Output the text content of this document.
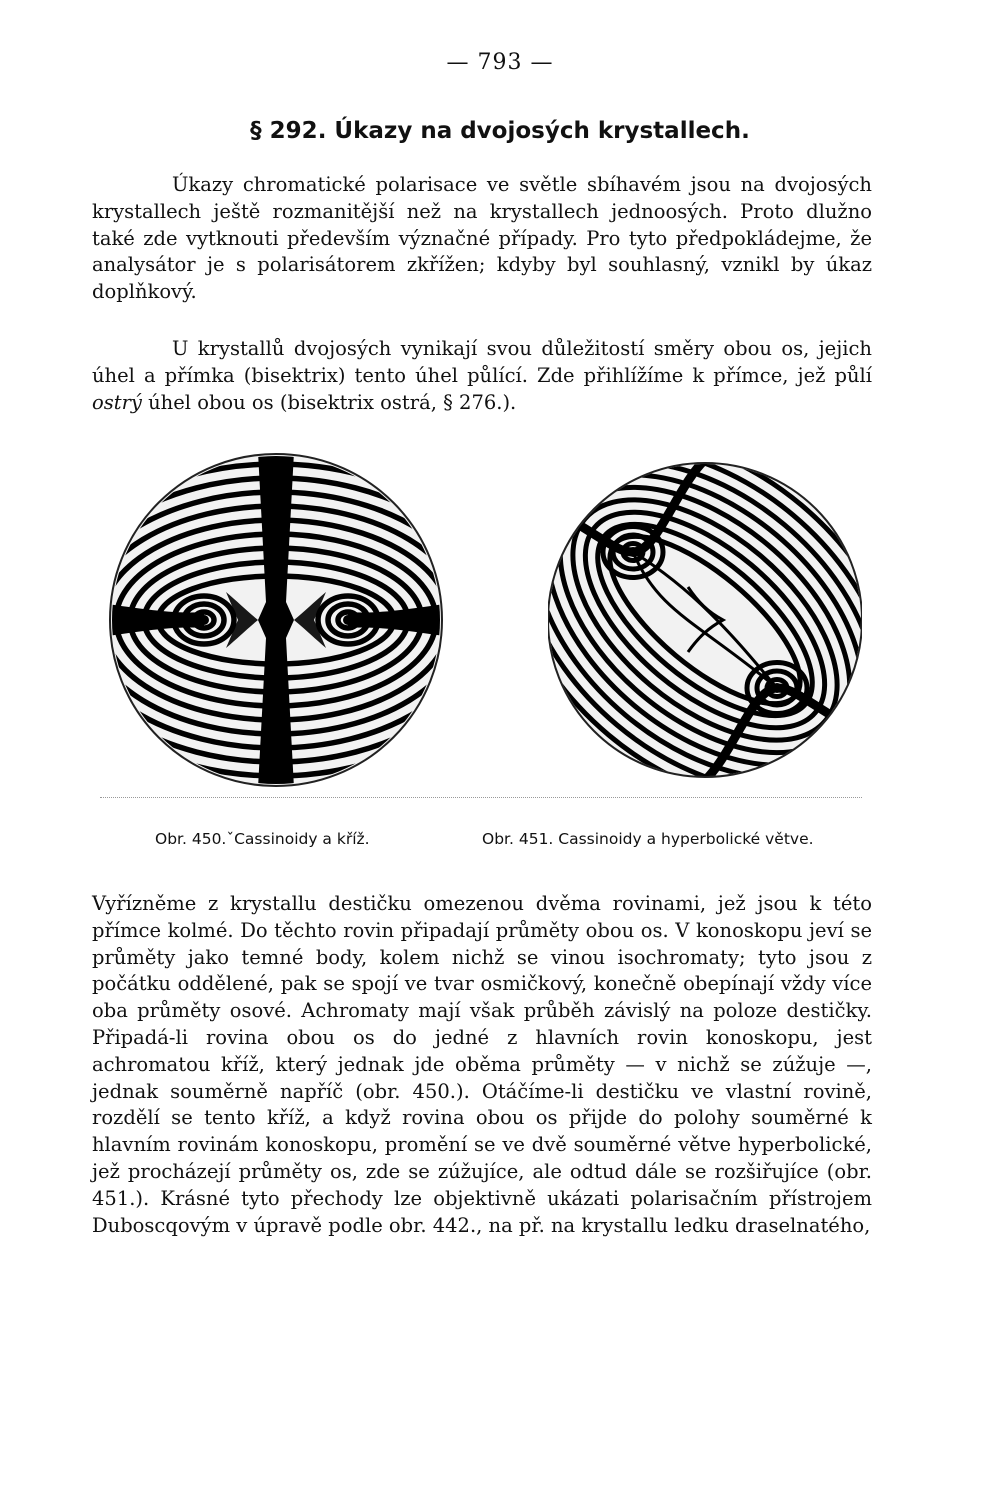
— 793 —
§ 292. Úkazy na dvojosých krystallech.

Úkazy chromatické polarisace ve světle sbíhavém jsou na dvojosých krystallech ještě rozmanitější než na krystallech jednoosých. Proto dlužno také zde vytknouti především význačné případy. Pro tyto předpokládejme, že analysátor je s polarisátorem zkřížen; kdyby byl souhlasný, vznikl by úkaz doplňkový.

U krystallů dvojosých vynikají svou důležitostí směry obou os, jejich úhel a přímka (bisektrix) tento úhel půlící. Zde přihlížíme k přímce, jež půlí ostrý úhel obou os (bisektrix ostrá, § 276.).

Obr. 450.ˇCassinoidy a kříž.	Obr. 451. Cassinoidy a hyperbolické větve.

Vyřízněme z krystallu destičku omezenou dvěma rovinami, jež jsou k této přímce kolmé. Do těchto rovin připadají průměty obou os. V konoskopu jeví se průměty jako temné body, kolem nichž se vinou isochromaty; tyto jsou z počátku oddělené, pak se spojí ve tvar osmičkový, konečně obepínají vždy více oba průměty osové. Achromaty mají však průběh závislý na poloze destičky. Připadá-li rovina obou os do jedné z hlavních rovin konoskopu, jest achromatou kříž, který jednak jde oběma průměty — v nichž se zúžuje —, jednak souměrně napříč (obr. 450.). Otáčíme-li destičku ve vlastní rovině, rozdělí se tento kříž, a když rovina obou os přijde do polohy souměrné k hlavním rovinám konoskopu, promění se ve dvě souměrné větve hyperbolické, jež procházejí průměty os, zde se zúžujíce, ale odtud dále se rozšiřujíce (obr. 451.). Krásné tyto přechody lze objektivně ukázati polarisačním přístrojem Duboscqovým v úpravě podle obr. 442., na př. na krystallu ledku draselnatého,
